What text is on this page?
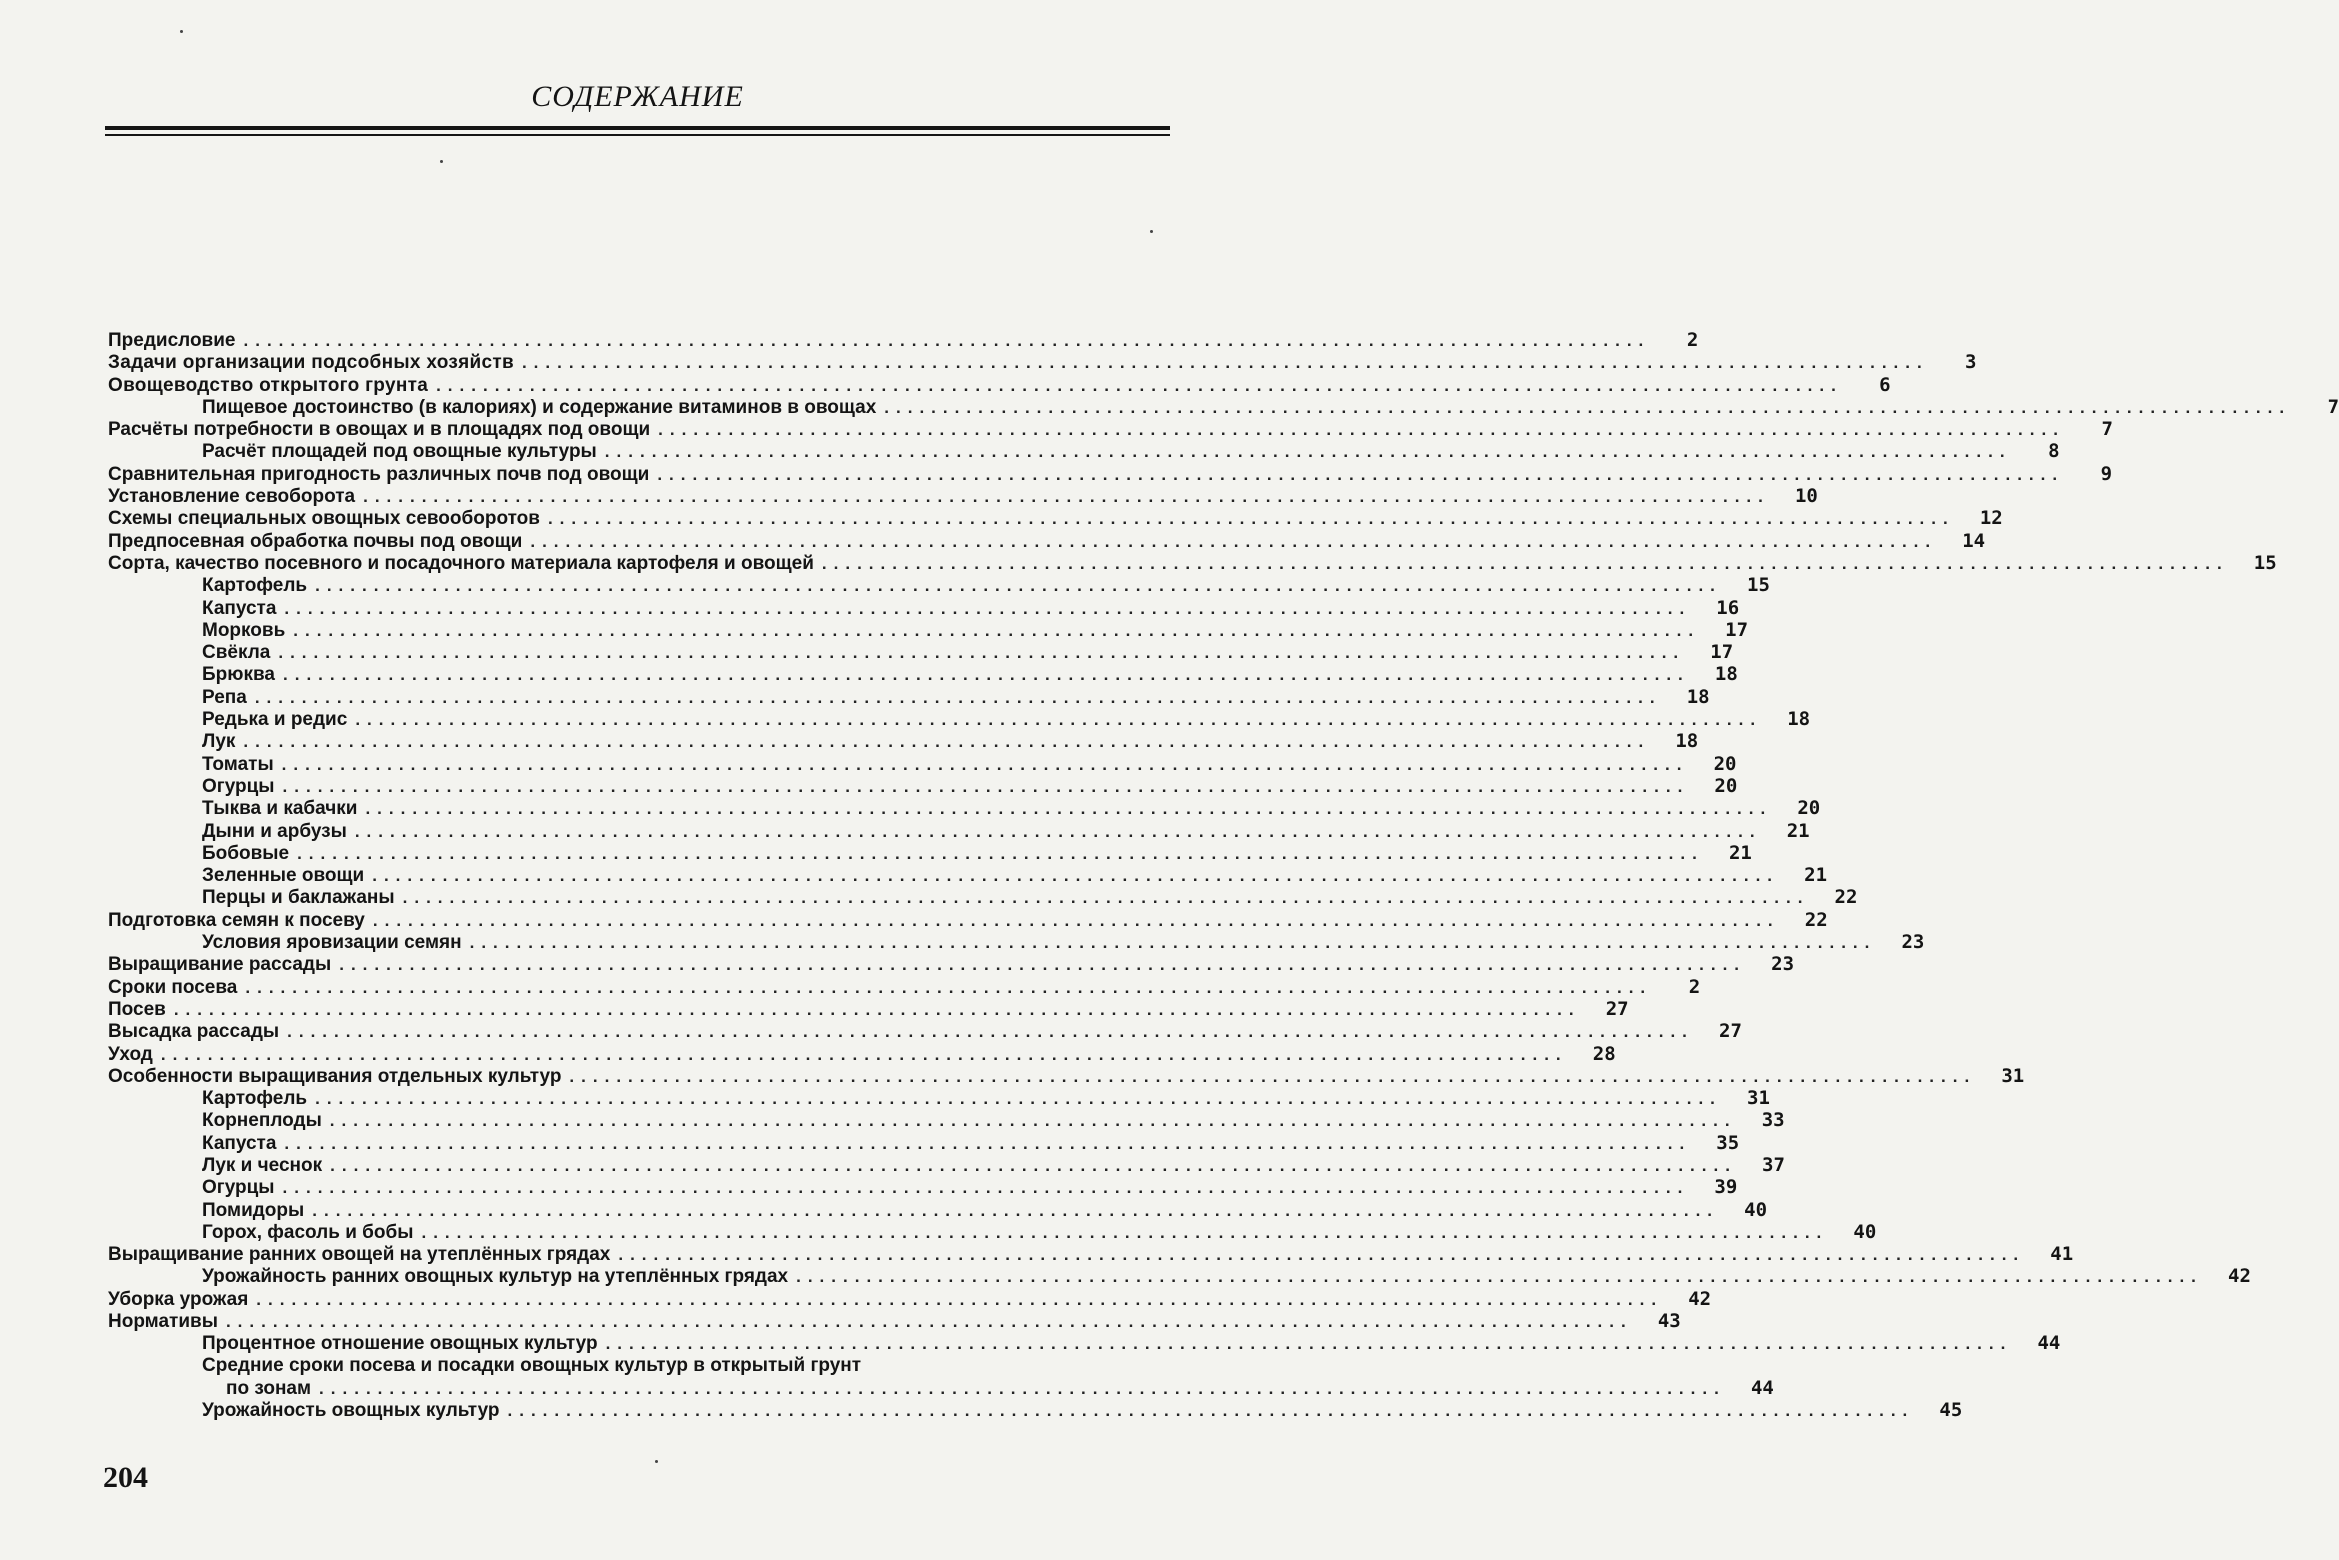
СОДЕРЖАНИЕ
Предисловие ........................................................................................................................	2
Задачи организации подсобных хозяйств ........................................................................................................................	3
Овощеводство открытого грунта ........................................................................................................................	6
Пищевое достоинство (в калориях) и содержание витаминов в овощах ........................................................................................................................	7
Расчёты потребности в овощах и в площадях под овощи ........................................................................................................................	7
Расчёт площадей под овощные культуры ........................................................................................................................	8
Сравнительная пригодность различных почв под овощи ........................................................................................................................	9
Установление севоборота ........................................................................................................................	10
Схемы специальных овощных севооборотов ........................................................................................................................	12
Предпосевная обработка почвы под овощи ........................................................................................................................	14
Сорта, качество посевного и посадочного материала картофеля и овощей ........................................................................................................................	15
Картофель ........................................................................................................................	15
Капуста ........................................................................................................................	16
Морковь ........................................................................................................................	17
Свёкла ........................................................................................................................	17
Брюква ........................................................................................................................	18
Репа ........................................................................................................................	18
Редька и редис ........................................................................................................................	18
Лук ........................................................................................................................	18
Томаты ........................................................................................................................	20
Огурцы ........................................................................................................................	20
Тыква и кабачки ........................................................................................................................	20
Дыни и арбузы ........................................................................................................................	21
Бобовые ........................................................................................................................	21
Зеленные овощи ........................................................................................................................	21
Перцы и баклажаны ........................................................................................................................	22
Подготовка семян к посеву ........................................................................................................................	22
Условия яровизации семян ........................................................................................................................	23
Выращивание рассады ........................................................................................................................	23
Сроки посева ........................................................................................................................	2
Посев ........................................................................................................................	27
Высадка рассады ........................................................................................................................	27
Уход ........................................................................................................................	28
Особенности выращивания отдельных культур ........................................................................................................................	31
Картофель ........................................................................................................................	31
Корнеплоды ........................................................................................................................	33
Капуста ........................................................................................................................	35
Лук и чеснок ........................................................................................................................	37
Огурцы ........................................................................................................................	39
Помидоры ........................................................................................................................	40
Горох, фасоль и бобы ........................................................................................................................	40
Выращивание ранних овощей на утеплённых грядах ........................................................................................................................	41
Урожайность ранних овощных культур на утеплённых грядах ........................................................................................................................	42
Уборка урожая ........................................................................................................................	42
Нормативы ........................................................................................................................	43
Процентное отношение овощных культур ........................................................................................................................	44
Средние сроки посева и посадки овощных культур в открытый грунт
по зонам ........................................................................................................................	44
Урожайность овощных культур ........................................................................................................................	45
204
